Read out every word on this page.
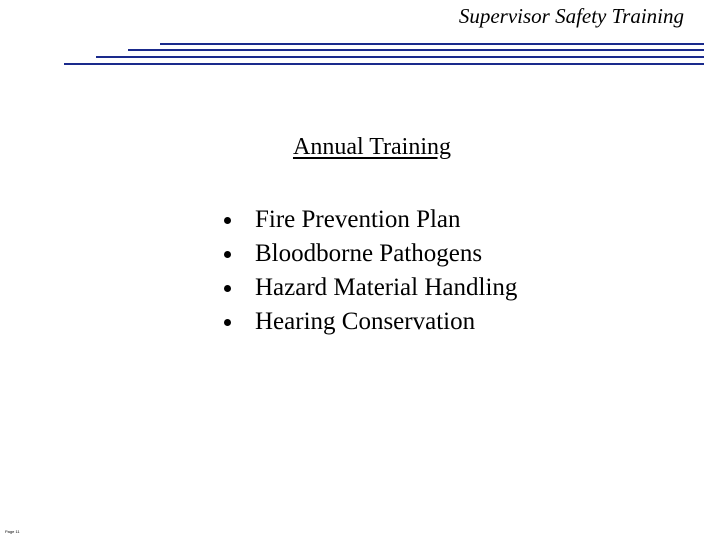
Supervisor Safety Training
Annual Training
Fire Prevention Plan
Bloodborne Pathogens
Hazard Material Handling
Hearing Conservation
Page 11
